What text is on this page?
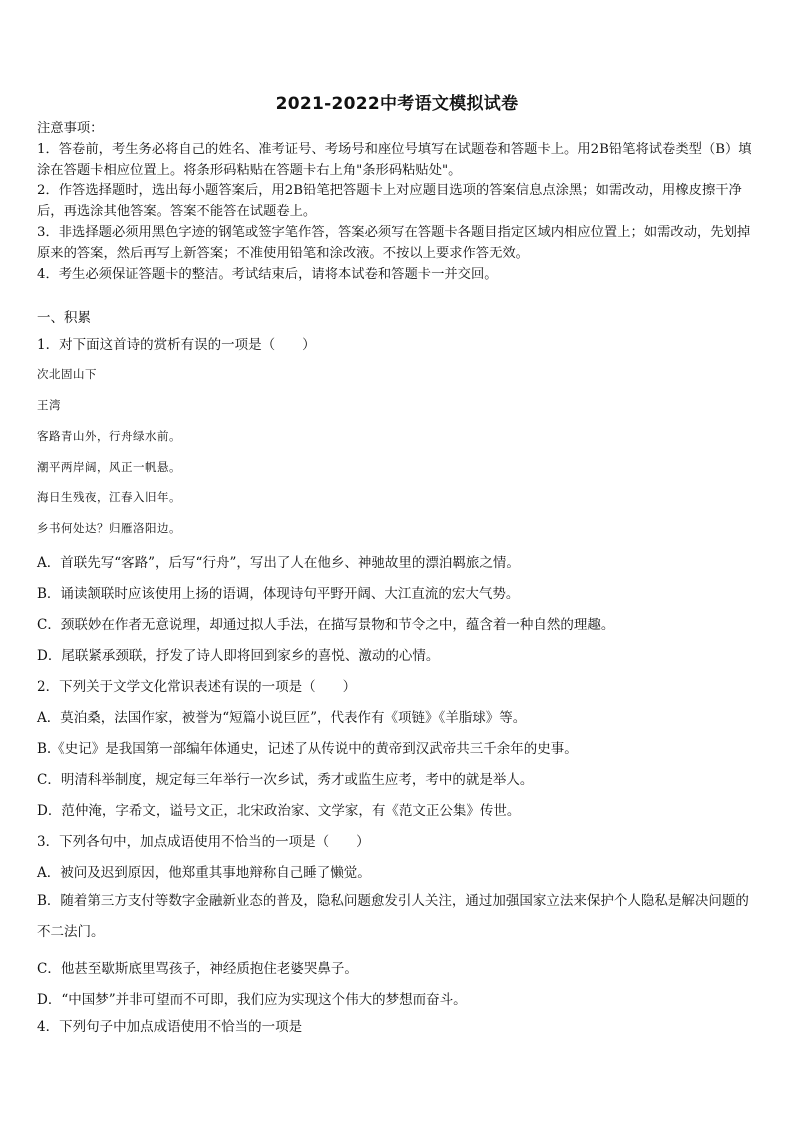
2021-2022中考语文模拟试卷

注意事项：

1．答卷前，考生务必将自己的姓名、准考证号、考场号和座位号填写在试题卷和答题卡上。用2B铅笔将试卷类型（B）填涂在答题卡相应位置上。将条形码粘贴在答题卡右上角"条形码粘贴处"。

2．作答选择题时，选出每小题答案后，用2B铅笔把答题卡上对应题目选项的答案信息点涂黑；如需改动，用橡皮擦干净后，再选涂其他答案。答案不能答在试题卷上。

3．非选择题必须用黑色字迹的钢笔或签字笔作答，答案必须写在答题卡各题目指定区域内相应位置上；如需改动，先划掉原来的答案，然后再写上新答案；不准使用铅笔和涂改液。不按以上要求作答无效。

4．考生必须保证答题卡的整洁。考试结束后，请将本试卷和答题卡一并交回。

一、积累
1．对下面这首诗的赏析有误的一项是（　　）
次北固山下
王湾
客路青山外，行舟绿水前。
潮平两岸阔，风正一帆悬。
海日生残夜，江春入旧年。
乡书何处达？归雁洛阳边。
A．首联先写“客路”，后写“行舟”，写出了人在他乡、神驰故里的漂泊羁旅之情。
B．诵读颔联时应该使用上扬的语调，体现诗句平野开阔、大江直流的宏大气势。
C．颈联妙在作者无意说理，却通过拟人手法，在描写景物和节令之中，蕴含着一种自然的理趣。
D．尾联紧承颈联，抒发了诗人即将回到家乡的喜悦、激动的心情。
2．下列关于文学文化常识表述有误的一项是（　　）
A．莫泊桑，法国作家，被誉为“短篇小说巨匠”，代表作有《项链》《羊脂球》等。
B.《史记》是我国第一部编年体通史，记述了从传说中的黄帝到汉武帝共三千余年的史事。
C．明清科举制度，规定每三年举行一次乡试，秀才或监生应考，考中的就是举人。
D．范仲淹，字希文，谥号文正，北宋政治家、文学家，有《范文正公集》传世。
3．下列各句中，加点成语使用不恰当的一项是（　　）
A．被问及迟到原因，他郑重其事地辩称自己睡了懒觉。
B．随着第三方支付等数字金融新业态的普及，隐私问题愈发引人关注，通过加强国家立法来保护个人隐私是解决问题的不二法门。
C．他甚至歇斯底里骂孩子，神经质抱住老婆哭鼻子。
D．“中国梦”并非可望而不可即，我们应为实现这个伟大的梦想而奋斗。
4．下列句子中加点成语使用不恰当的一项是
